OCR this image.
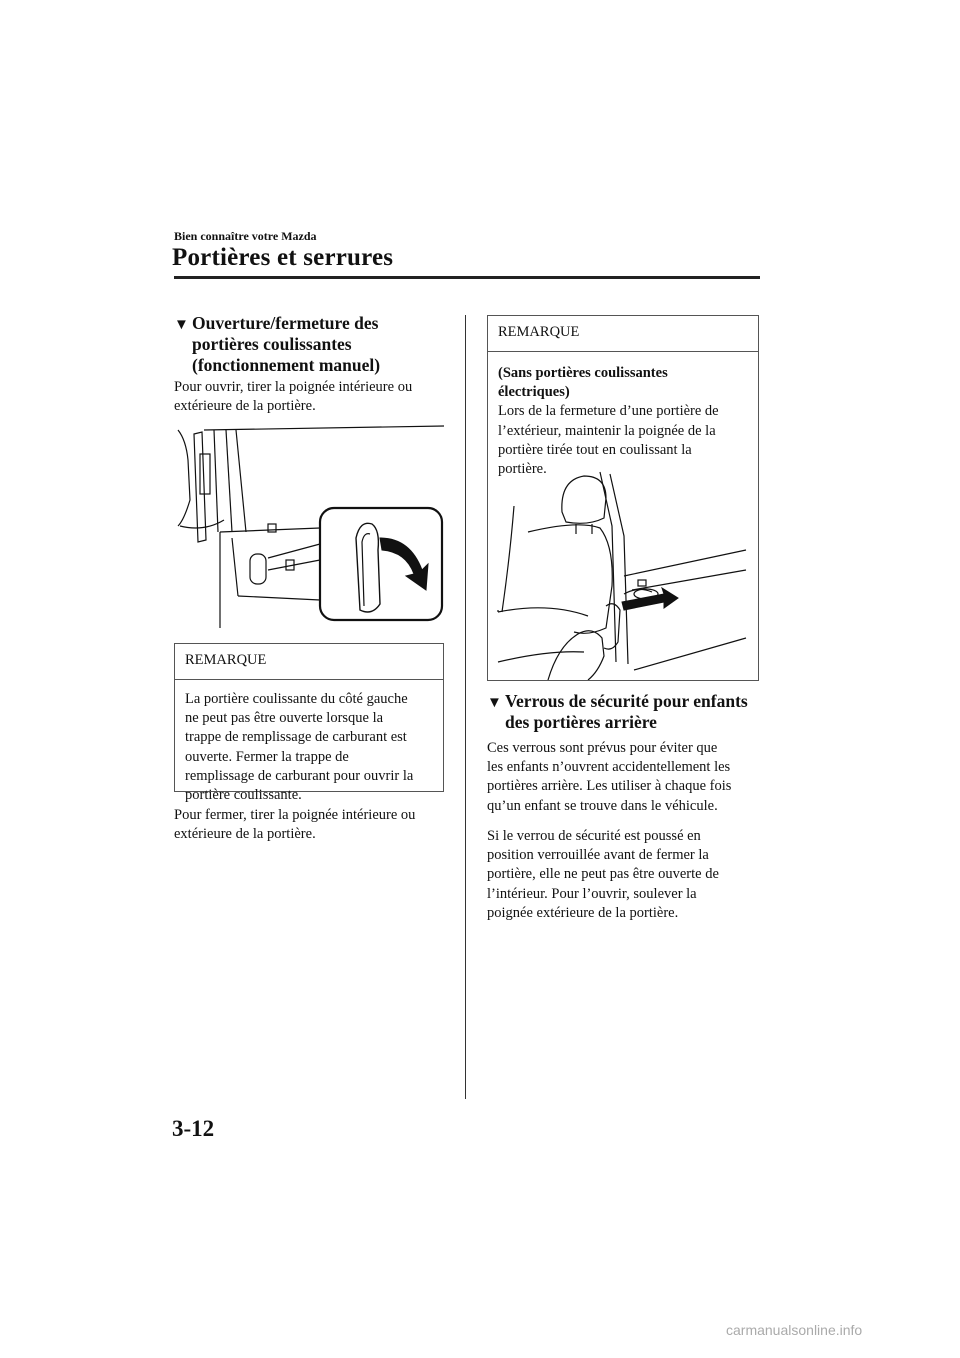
Bien connaître votre Mazda
Portières et serrures
▼ Ouverture/fermeture des
portières coulissantes
(fonctionnement manuel)
Pour ouvrir, tirer la poignée intérieure ou
extérieure de la portière.
REMARQUE
La portière coulissante du côté gauche
ne peut pas être ouverte lorsque la
trappe de remplissage de carburant est
ouverte. Fermer la trappe de
remplissage de carburant pour ouvrir la
portière coulissante.
Pour fermer, tirer la poignée intérieure ou
extérieure de la portière.
REMARQUE
(Sans portières coulissantes
électriques)
Lors de la fermeture d’une portière de
l’extérieur, maintenir la poignée de la
portière tirée tout en coulissant la
portière.
▼ Verrous de sécurité pour enfants
des portières arrière
Ces verrous sont prévus pour éviter que
les enfants n’ouvrent accidentellement les
portières arrière. Les utiliser à chaque fois
qu’un enfant se trouve dans le véhicule.
Si le verrou de sécurité est poussé en
position verrouillée avant de fermer la
portière, elle ne peut pas être ouverte de
l’intérieur. Pour l’ouvrir, soulever la
poignée extérieure de la portière.
3-12
carmanualsonline.info
